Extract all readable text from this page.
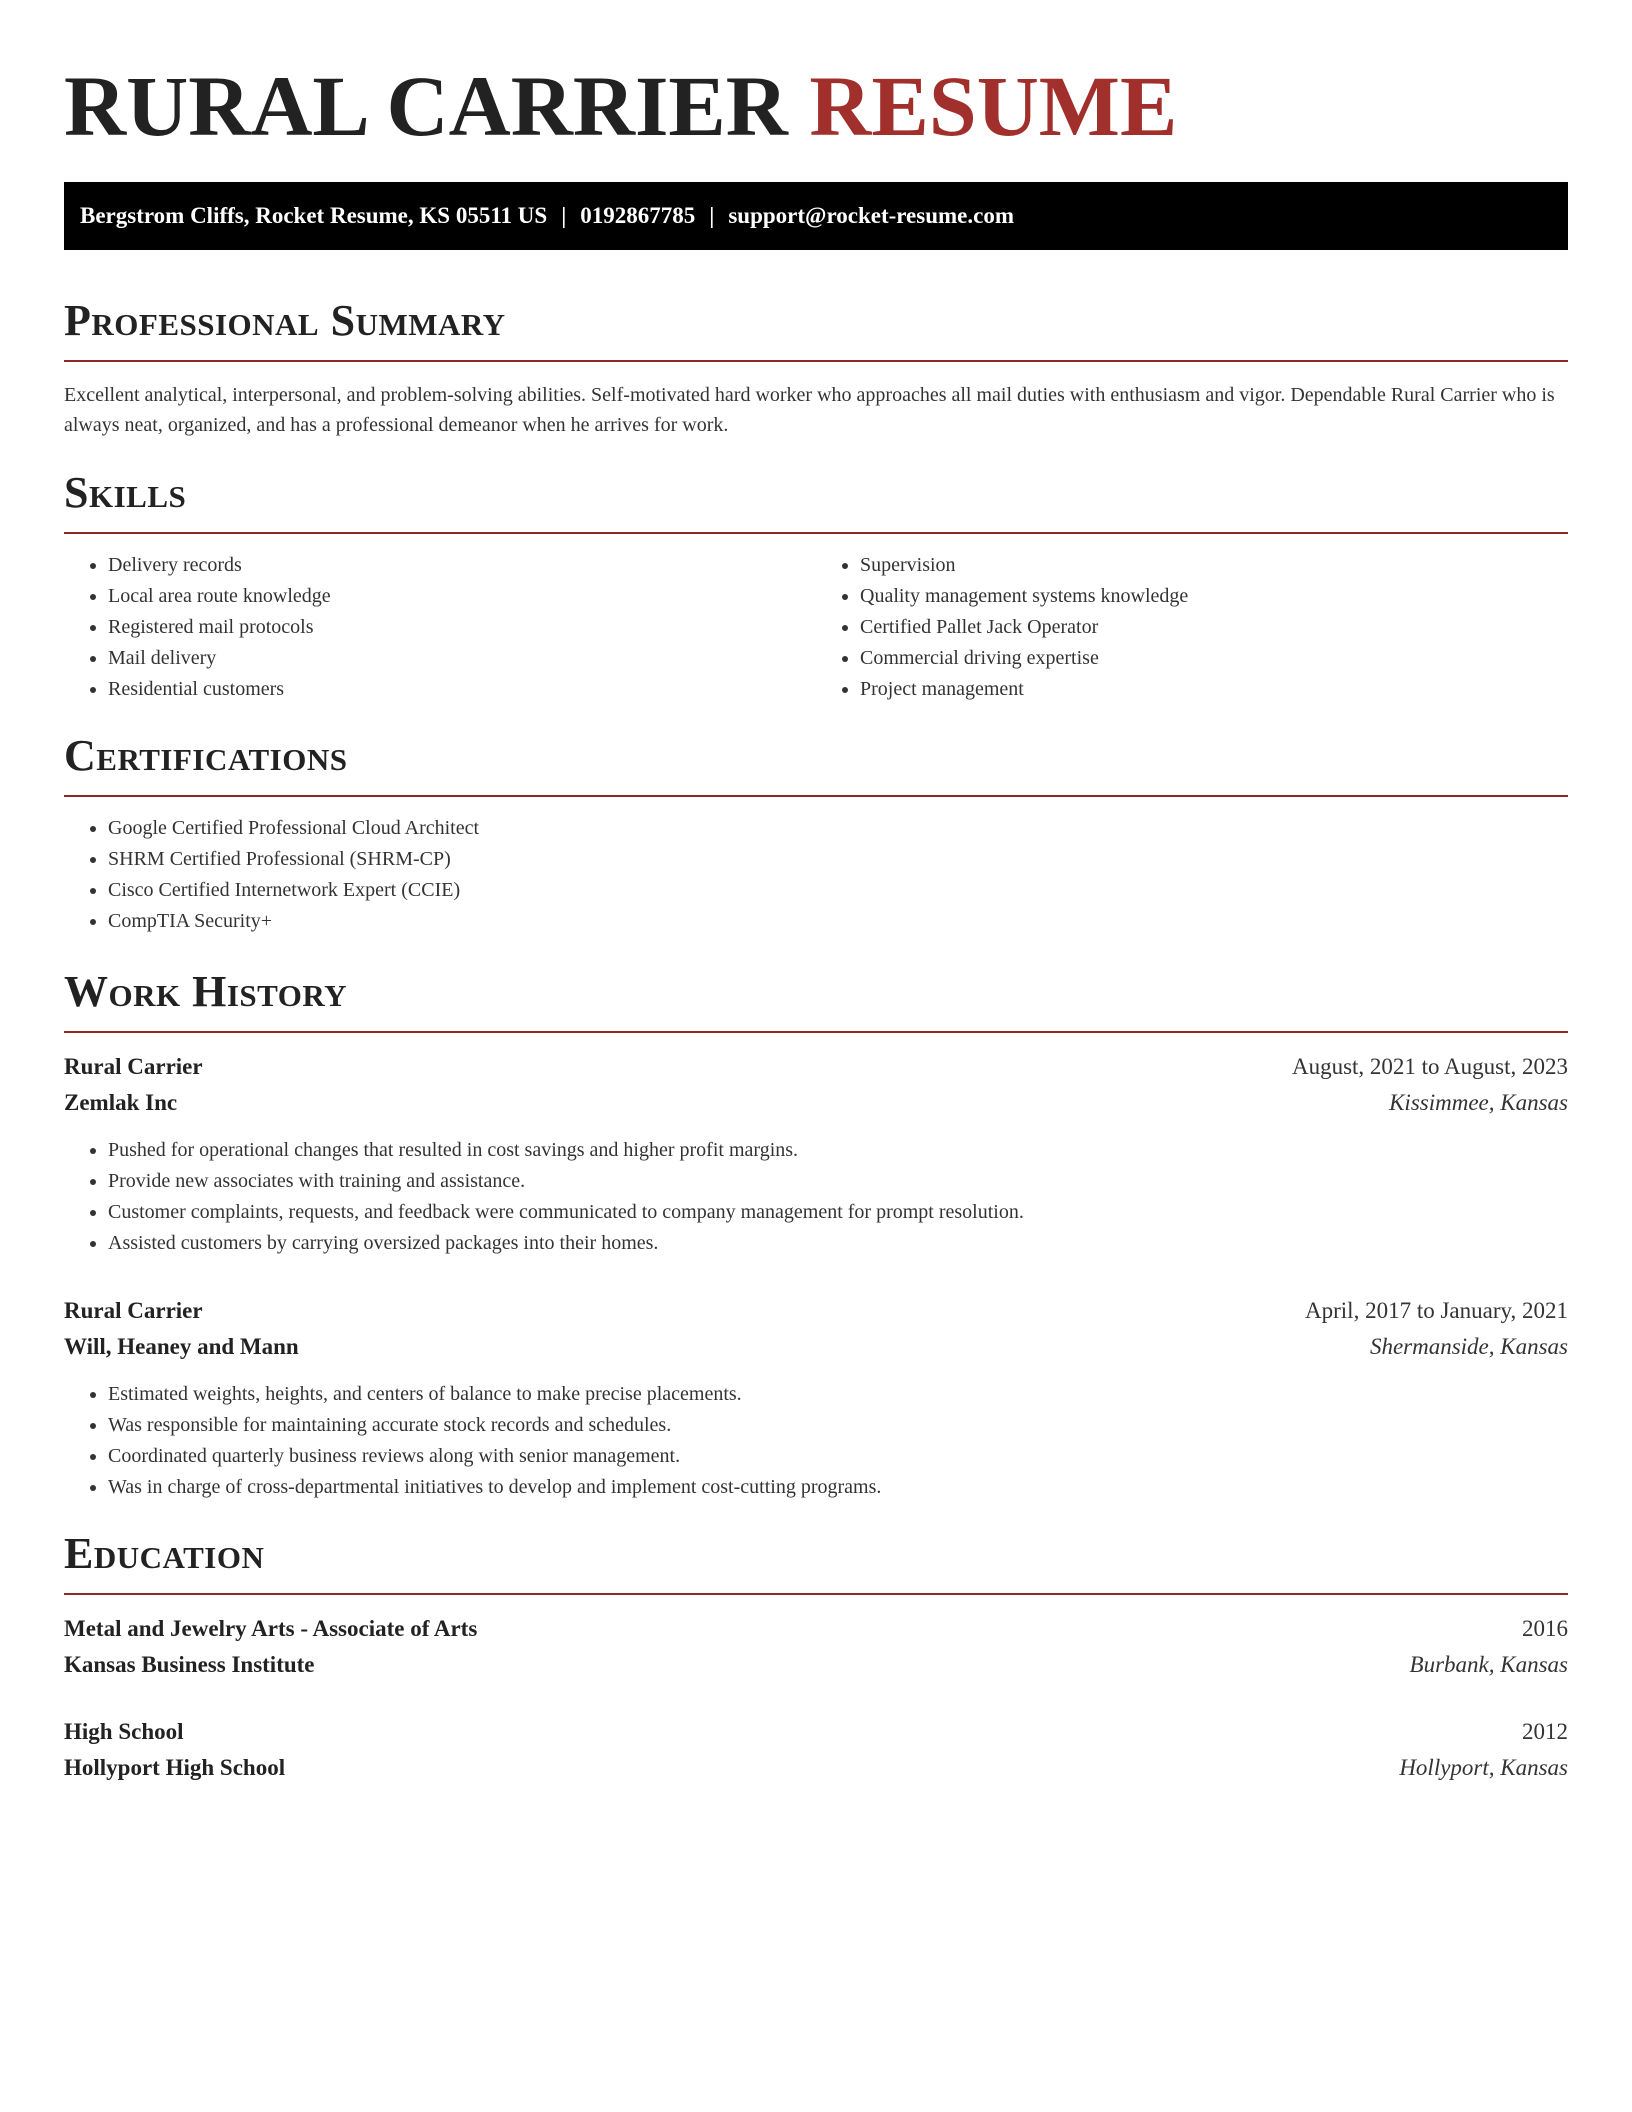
RURAL CARRIER RESUME
Bergstrom Cliffs, Rocket Resume, KS 05511 US | 0192867785 | support@rocket-resume.com
Professional Summary

Excellent analytical, interpersonal, and problem-solving abilities. Self-motivated hard worker who approaches all mail duties with enthusiasm and vigor. Dependable Rural Carrier who is always neat, organized, and has a professional demeanor when he arrives for work.

Skills
• Delivery records
• Local area route knowledge
• Registered mail protocols
• Mail delivery
• Residential customers
• Supervision
• Quality management systems knowledge
• Certified Pallet Jack Operator
• Commercial driving expertise
• Project management
Certifications
• Google Certified Professional Cloud Architect
• SHRM Certified Professional (SHRM-CP)
• Cisco Certified Internetwork Expert (CCIE)
• CompTIA Security+
Work History
Rural Carrier	August, 2021 to August, 2023
Zemlak Inc	Kissimmee, Kansas
• Pushed for operational changes that resulted in cost savings and higher profit margins.
• Provide new associates with training and assistance.
• Customer complaints, requests, and feedback were communicated to company management for prompt resolution.
• Assisted customers by carrying oversized packages into their homes.
Rural Carrier	April, 2017 to January, 2021
Will, Heaney and Mann	Shermanside, Kansas
• Estimated weights, heights, and centers of balance to make precise placements.
• Was responsible for maintaining accurate stock records and schedules.
• Coordinated quarterly business reviews along with senior management.
• Was in charge of cross-departmental initiatives to develop and implement cost-cutting programs.
Education
Metal and Jewelry Arts - Associate of Arts	2016
Kansas Business Institute	Burbank, Kansas
High School	2012
Hollyport High School	Hollyport, Kansas
